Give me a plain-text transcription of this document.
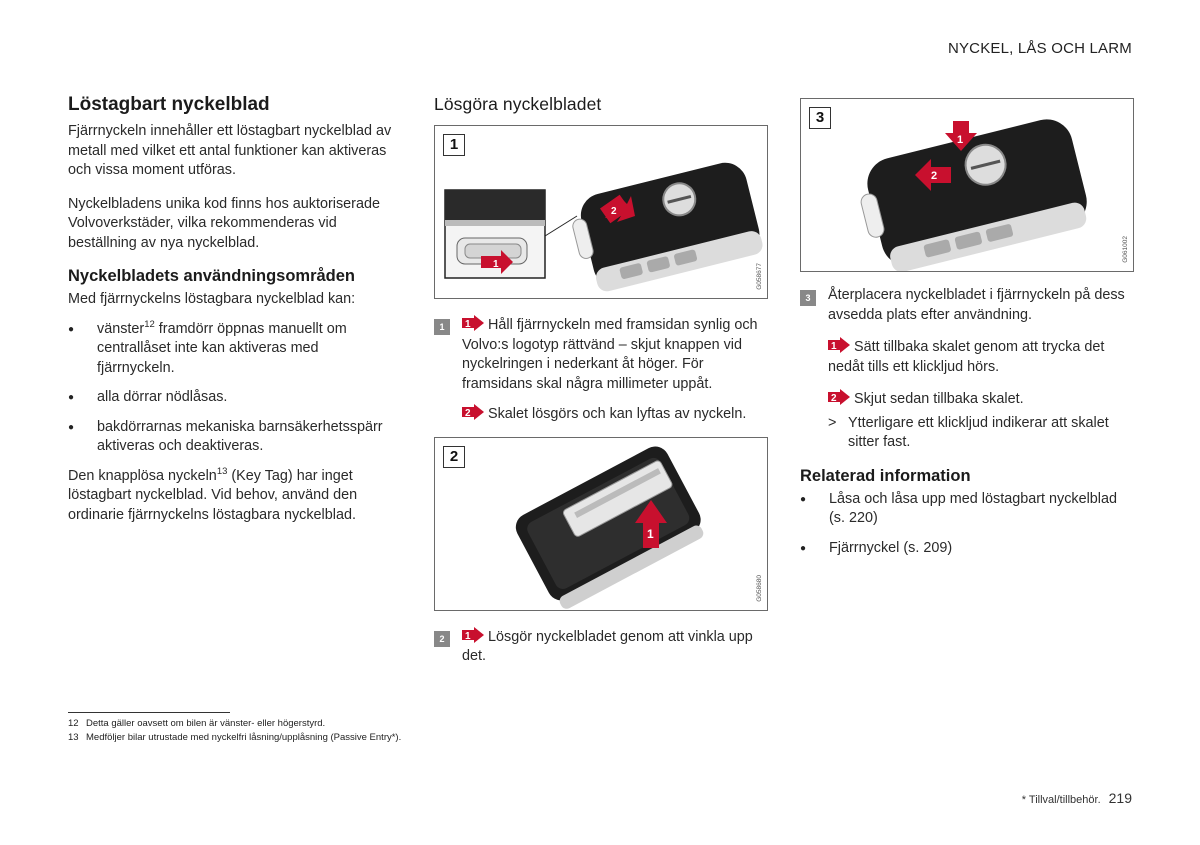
NYCKEL, LÅS OCH LARM
Löstagbart nyckelblad

Fjärrnyckeln innehåller ett löstagbart nyckelblad av metall med vilket ett antal funktioner kan aktiveras och vissa moment utföras.

Nyckelbladens unika kod finns hos auktoriserade Volvoverkstäder, vilka rekommenderas vid beställning av nya nyckelblad.

Nyckelbladets användningsområden

Med fjärrnyckelns löstagbara nyckelblad kan:

● vänster$^{12}$ framdörr öppnas manuellt om centrallåset inte kan aktiveras med fjärrnyckeln.
● alla dörrar nödlåsas.
● bakdörrarnas mekaniska barnsäkerhetsspärr aktiveras och deaktiveras.

Den knapplösa nyckeln$^{13}$ (Key Tag) har inget löstagbart nyckelblad. Vid behov, använd den ordinarie fjärrnyckelns löstagbara nyckelblad.

Lösgöra nyckelbladet
1
1
2
G058677
1	1 Håll fjärrnyckeln med framsidan synlig och Volvo:s logotyp rättvänd – skjut knappen vid nyckelringen i nederkant åt höger. För framsidans skal några millimeter uppåt.
2 Skalet lösgörs och kan lyftas av nyckeln.
2
1
G058680
2	1 Lösgör nyckelbladet genom att vinkla upp det.
3
1
2
G061002
3	Återplacera nyckelbladet i fjärrnyckeln på dess avsedda plats efter användning.
1 Sätt tillbaka skalet genom att trycka det nedåt tills ett klickljud hörs.
2 Skjut sedan tillbaka skalet.
> Ytterligare ett klickljud indikerar att skalet sitter fast.
Relaterad information
● Låsa och låsa upp med löstagbart nyckelblad (s. 220)
● Fjärrnyckel (s. 209)
12 Detta gäller oavsett om bilen är vänster- eller högerstyrd.
13 Medföljer bilar utrustade med nyckelfri låsning/upplåsning (Passive Entry*).
* Tillval/tillbehör. 219
